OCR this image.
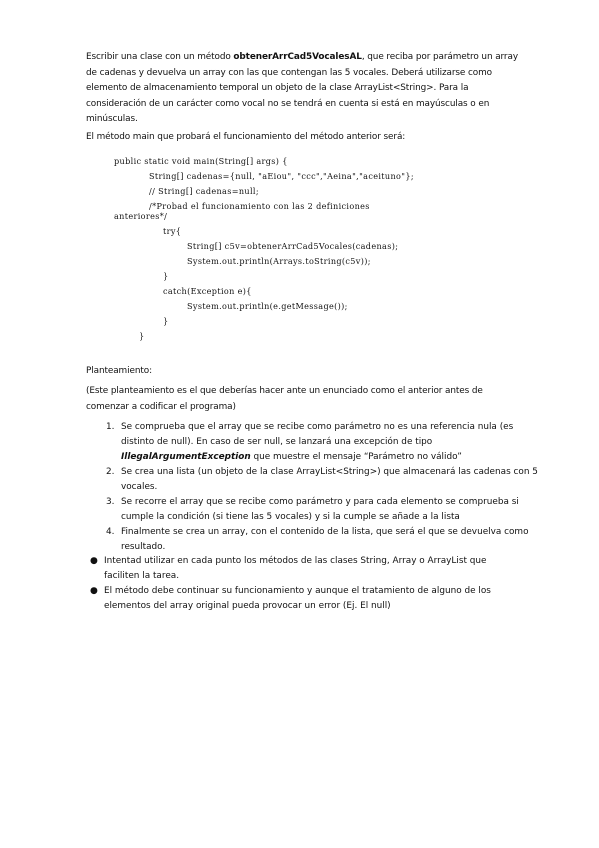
Escribir una clase con un método obtenerArrCad5VocalesAL, que reciba por parámetro un array de cadenas y devuelva un array con las que contengan las 5 vocales. Deberá utilizarse como elemento de almacenamiento temporal un objeto de la clase ArrayList<String>. Para la consideración de un carácter como vocal no se tendrá en cuenta si está en mayúsculas o en minúsculas.
El método main que probará el funcionamiento del método anterior será:

public static void main(String[] args) {

String[] cadenas={null, "aEiou", "ccc","Aeina","aceituno"};

// String[] cadenas=null;

/*Probad el funcionamiento con las 2 definiciones

anteriores*/

try{

String[] c5v=obtenerArrCad5Vocales(cadenas);

System.out.println(Arrays.toString(c5v));

}

catch(Exception e){

System.out.println(e.getMessage());

}

}

Planteamiento:
(Este planteamiento es el que deberías hacer ante un enunciado como el anterior antes de comenzar a codificar el programa)
1. Se comprueba que el array que se recibe como parámetro no es una referencia nula (es distinto de null). En caso de ser null, se lanzará una excepción de tipo IllegalArgumentException que muestre el mensaje “Parámetro no válido”
2. Se crea una lista (un objeto de la clase ArrayList<String>) que almacenará las cadenas con 5 vocales.
3. Se recorre el array que se recibe como parámetro y para cada elemento se comprueba si cumple la condición (si tiene las 5 vocales) y si la cumple se añade a la lista
4. Finalmente se crea un array, con el contenido de la lista, que será el que se devuelva como resultado.
● Intentad utilizar en cada punto los métodos de las clases String, Array o ArrayList que faciliten la tarea.
● El método debe continuar su funcionamiento y aunque el tratamiento de alguno de los elementos del array original pueda provocar un error (Ej. El null)
